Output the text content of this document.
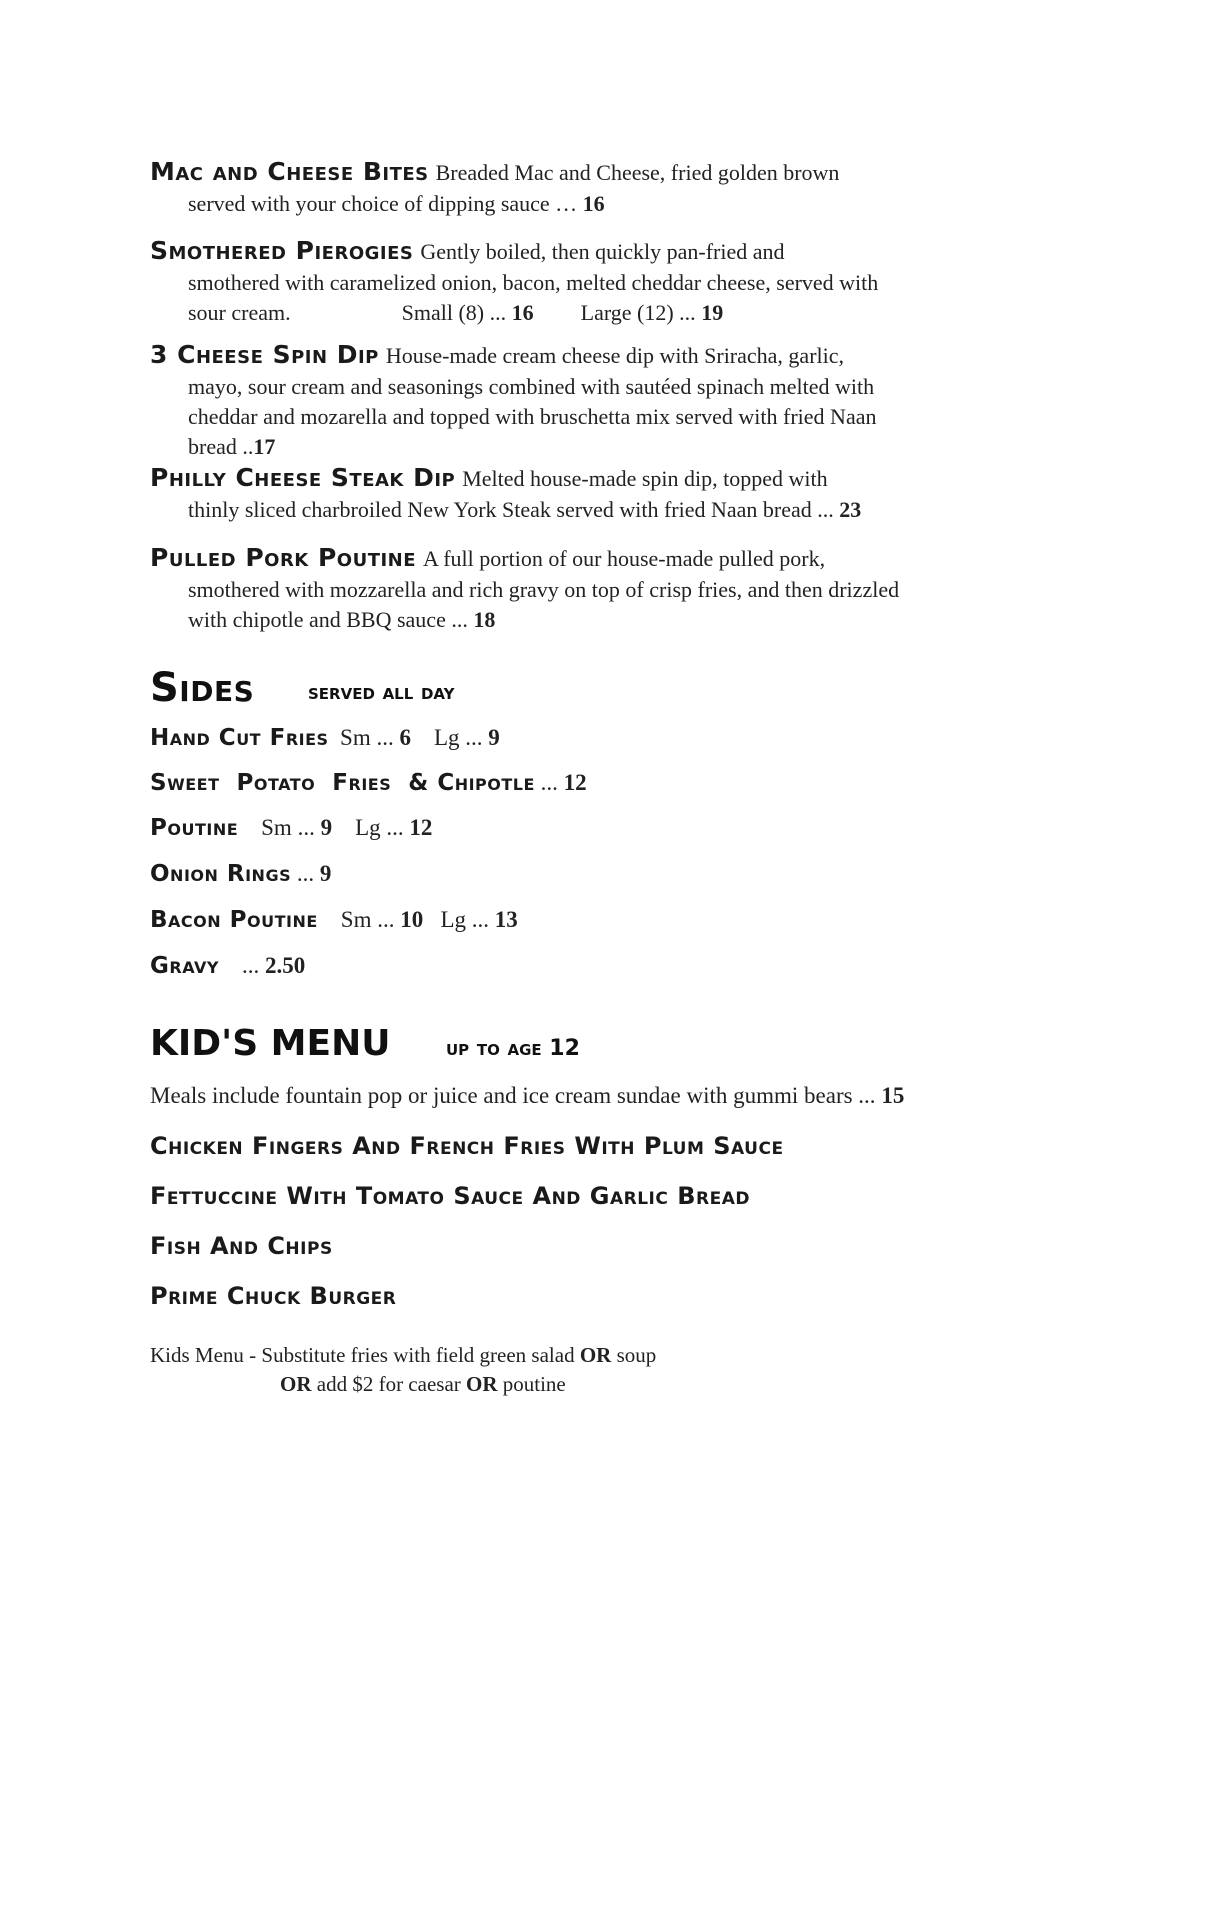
Mac and Cheese Bites Breaded Mac and Cheese, fried golden brown
served with your choice of dipping sauce … 16
Smothered Pierogies Gently boiled, then quickly pan-fried and
smothered with caramelized onion, bacon, melted cheddar cheese, served with
sour cream.	Small (8) ... 16 Large (12) ... 19
3 Cheese Spin Dip House-made cream cheese dip with Sriracha, garlic,
mayo, sour cream and seasonings combined with sautéed spinach melted with
cheddar and mozarella and topped with bruschetta mix served with fried Naan
bread ..17
Philly Cheese Steak Dip Melted house-made spin dip, topped with
thinly sliced charbroiled New York Steak served with fried Naan bread ... 23
Pulled Pork Poutine A full portion of our house-made pulled pork,
smothered with mozzarella and rich gravy on top of crisp fries, and then drizzled
with chipotle and BBQ sauce ... 18
Sides served all day
Hand Cut Fries Sm ... 6 Lg ... 9
Sweet  Potato  Fries  & Chipotle ... 12
Poutine Sm ... 9 Lg ... 12
Onion Rings ... 9
Bacon Poutine Sm ... 10 Lg ... 13
Gravy ... 2.50
KID'S MENU	up to age 12
Meals include fountain pop or juice and ice cream sundae with gummi bears ... 15
Chicken Fingers And French Fries With Plum Sauce
Fettuccine With Tomato Sauce And Garlic Bread
Fish And Chips
Prime Chuck Burger
Kids Menu - Substitute fries with field green salad OR soup
OR add $2 for caesar OR poutine
